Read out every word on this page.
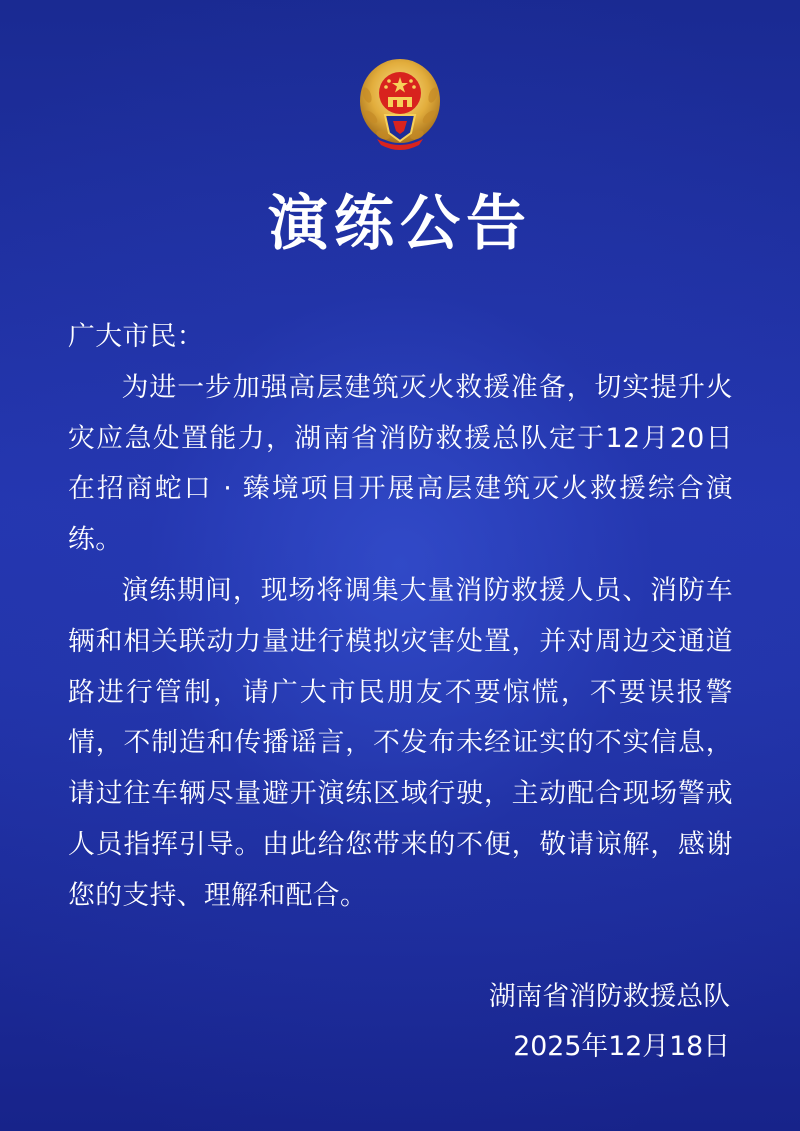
演练公告

广大市民：

为进一步加强高层建筑灭火救援准备，切实提升火灾应急处置能力，湖南省消防救援总队定于12月20日在招商蛇口 · 臻境项目开展高层建筑灭火救援综合演练。

演练期间，现场将调集大量消防救援人员、消防车辆和相关联动力量进行模拟灾害处置，并对周边交通道路进行管制，请广大市民朋友不要惊慌，不要误报警情，不制造和传播谣言，不发布未经证实的不实信息，请过往车辆尽量避开演练区域行驶，主动配合现场警戒人员指挥引导。由此给您带来的不便，敬请谅解，感谢您的支持、理解和配合。

湖南省消防救援总队
2025年12月18日
